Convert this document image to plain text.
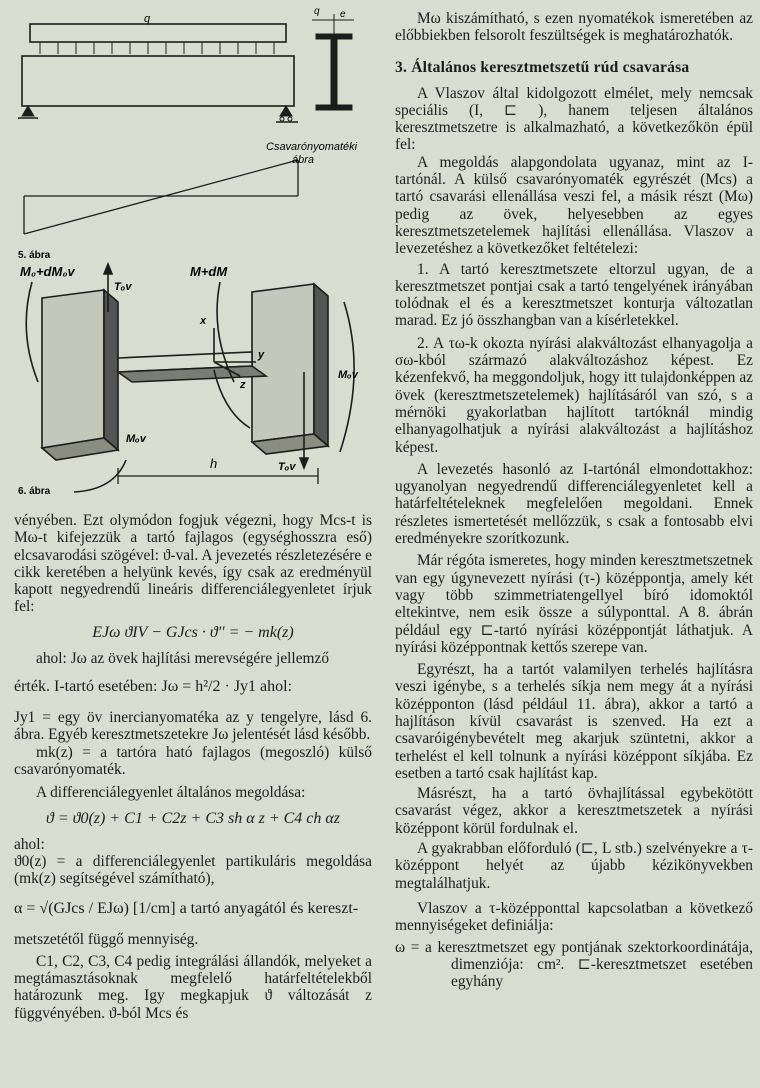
q
q e
Csavarónyomatéki
ábra
5. ábra
M₀+dM₀v	M+dM
Tₒv
Tₒv
Mₒv
Mₒv
x
y
z
h
6. ábra

vényében. Ezt olymódon fogjuk végezni, hogy Mcs-t is Mω-t kifejezzük a tartó fajlagos (egységhosszra eső) elcsavarodási szögével: ϑ-val. A jevezetés részletezésére e cikk keretében a helyünk kevés, így csak az eredményül kapott negyedrendű lineáris differenciálegyenletet írjuk fel:

EJω ϑIV − GJcs · ϑ'' = − mk(z)

ahol: Jω az övek hajlítási merevségére jellemző

érték. I-tartó esetében: Jω = h²/2 · Jy1 ahol:

Jy1 = egy öv inercianyomatéka az y tengelyre, lásd 6. ábra. Egyéb keresztmetszetekre Jω jelentését lásd később.

mk(z) = a tartóra ható fajlagos (megoszló) külső csavarónyomaték.

A differenciálegyenlet általános megoldása:

ϑ = ϑ0(z) + C1 + C2z + C3 sh α z + C4 ch αz

ahol:

ϑ0(z) = a differenciálegyenlet partikuláris megoldása (mk(z) segítségével számítható),

α = √(GJcs / EJω) [1/cm] a tartó anyagától és kereszt-

metszetétől függő mennyiség.

C1, C2, C3, C4 pedig integrálási állandók, melyeket a megtámasztásoknak megfelelő határfeltételekből határozunk meg. Igy megkapjuk ϑ változását z függvényében. ϑ-ból Mcs és

Mω kiszámítható, s ezen nyomatékok ismeretében az előbbiekben felsorolt feszültségek is meghatározhatók.

3. Általános keresztmetszetű rúd csavarása

A Vlaszov által kidolgozott elmélet, mely nemcsak speciális (I, ⊏ ), hanem teljesen általános keresztmetszetre is alkalmazható, a következőkön épül fel:

A megoldás alapgondolata ugyanaz, mint az I-tartónál. A külső csavarónyomaték egyrészét (Mcs) a tartó csavarási ellenállása veszi fel, a másik részt (Mω) pedig az övek, helyesebben az egyes keresztmetszetelemek hajlítási ellenállása. Vlaszov a levezetéshez a következőket feltételezi:

1. A tartó keresztmetszete eltorzul ugyan, de a keresztmetszet pontjai csak a tartó tengelyének irányában tolódnak el és a keresztmetszet konturja változatlan marad. Ez jó összhangban van a kísérletekkel.

2. A τω-k okozta nyírási alakváltozást elhanyagolja a σω-kból származó alakváltozáshoz képest. Ez kézenfekvő, ha meggondoljuk, hogy itt tulajdonképpen az övek (keresztmetszetelemek) hajlításáról van szó, s a mérnöki gyakorlatban hajlított tartóknál mindig elhanyagolhatjuk a nyírási alakváltozást a hajlításhoz képest.

A levezetés hasonló az I-tartónál elmondottakhoz: ugyanolyan negyedrendű differenciálegyenletet kell a határfeltételeknek megfelelően megoldani. Ennek részletes ismertetését mellőzzük, s csak a fontosabb elvi eredményekre szorítkozunk.

Már régóta ismeretes, hogy minden keresztmetszetnek van egy úgynevezett nyírási (τ-) középpontja, amely két vagy több szimmetriatengellyel bíró idomoktól eltekintve, nem esik össze a súlyponttal. A 8. ábrán például egy ⊏-tartó nyírási középpontját láthatjuk. A nyírási középpontnak kettős szerepe van.

Egyrészt, ha a tartót valamilyen terhelés hajlításra veszi igénybe, s a terhelés síkja nem megy át a nyírási középponton (lásd például 11. ábra), akkor a tartó a hajlításon kívül csavarást is szenved. Ha ezt a csavaróigénybevételt meg akarjuk szüntetni, akkor a terhelést el kell tolnunk a nyírási középpont síkjába. Ez esetben a tartó csak hajlítást kap.

Másrészt, ha a tartó övhajlítással egybekötött csavarást végez, akkor a keresztmetszetek a nyírási középpont körül fordulnak el.

A gyakrabban előforduló (⊏, L stb.) szelvényekre a τ-középpont helyét az újabb kézikönyvekben megtalálhatjuk.

Vlaszov a τ-középponttal kapcsolatban a következő mennyiségeket definiálja:

ω = a keresztmetszet egy pontjának szektorkoordinátája, dimenziója: cm². ⊏-keresztmetszet esetében egyhány
